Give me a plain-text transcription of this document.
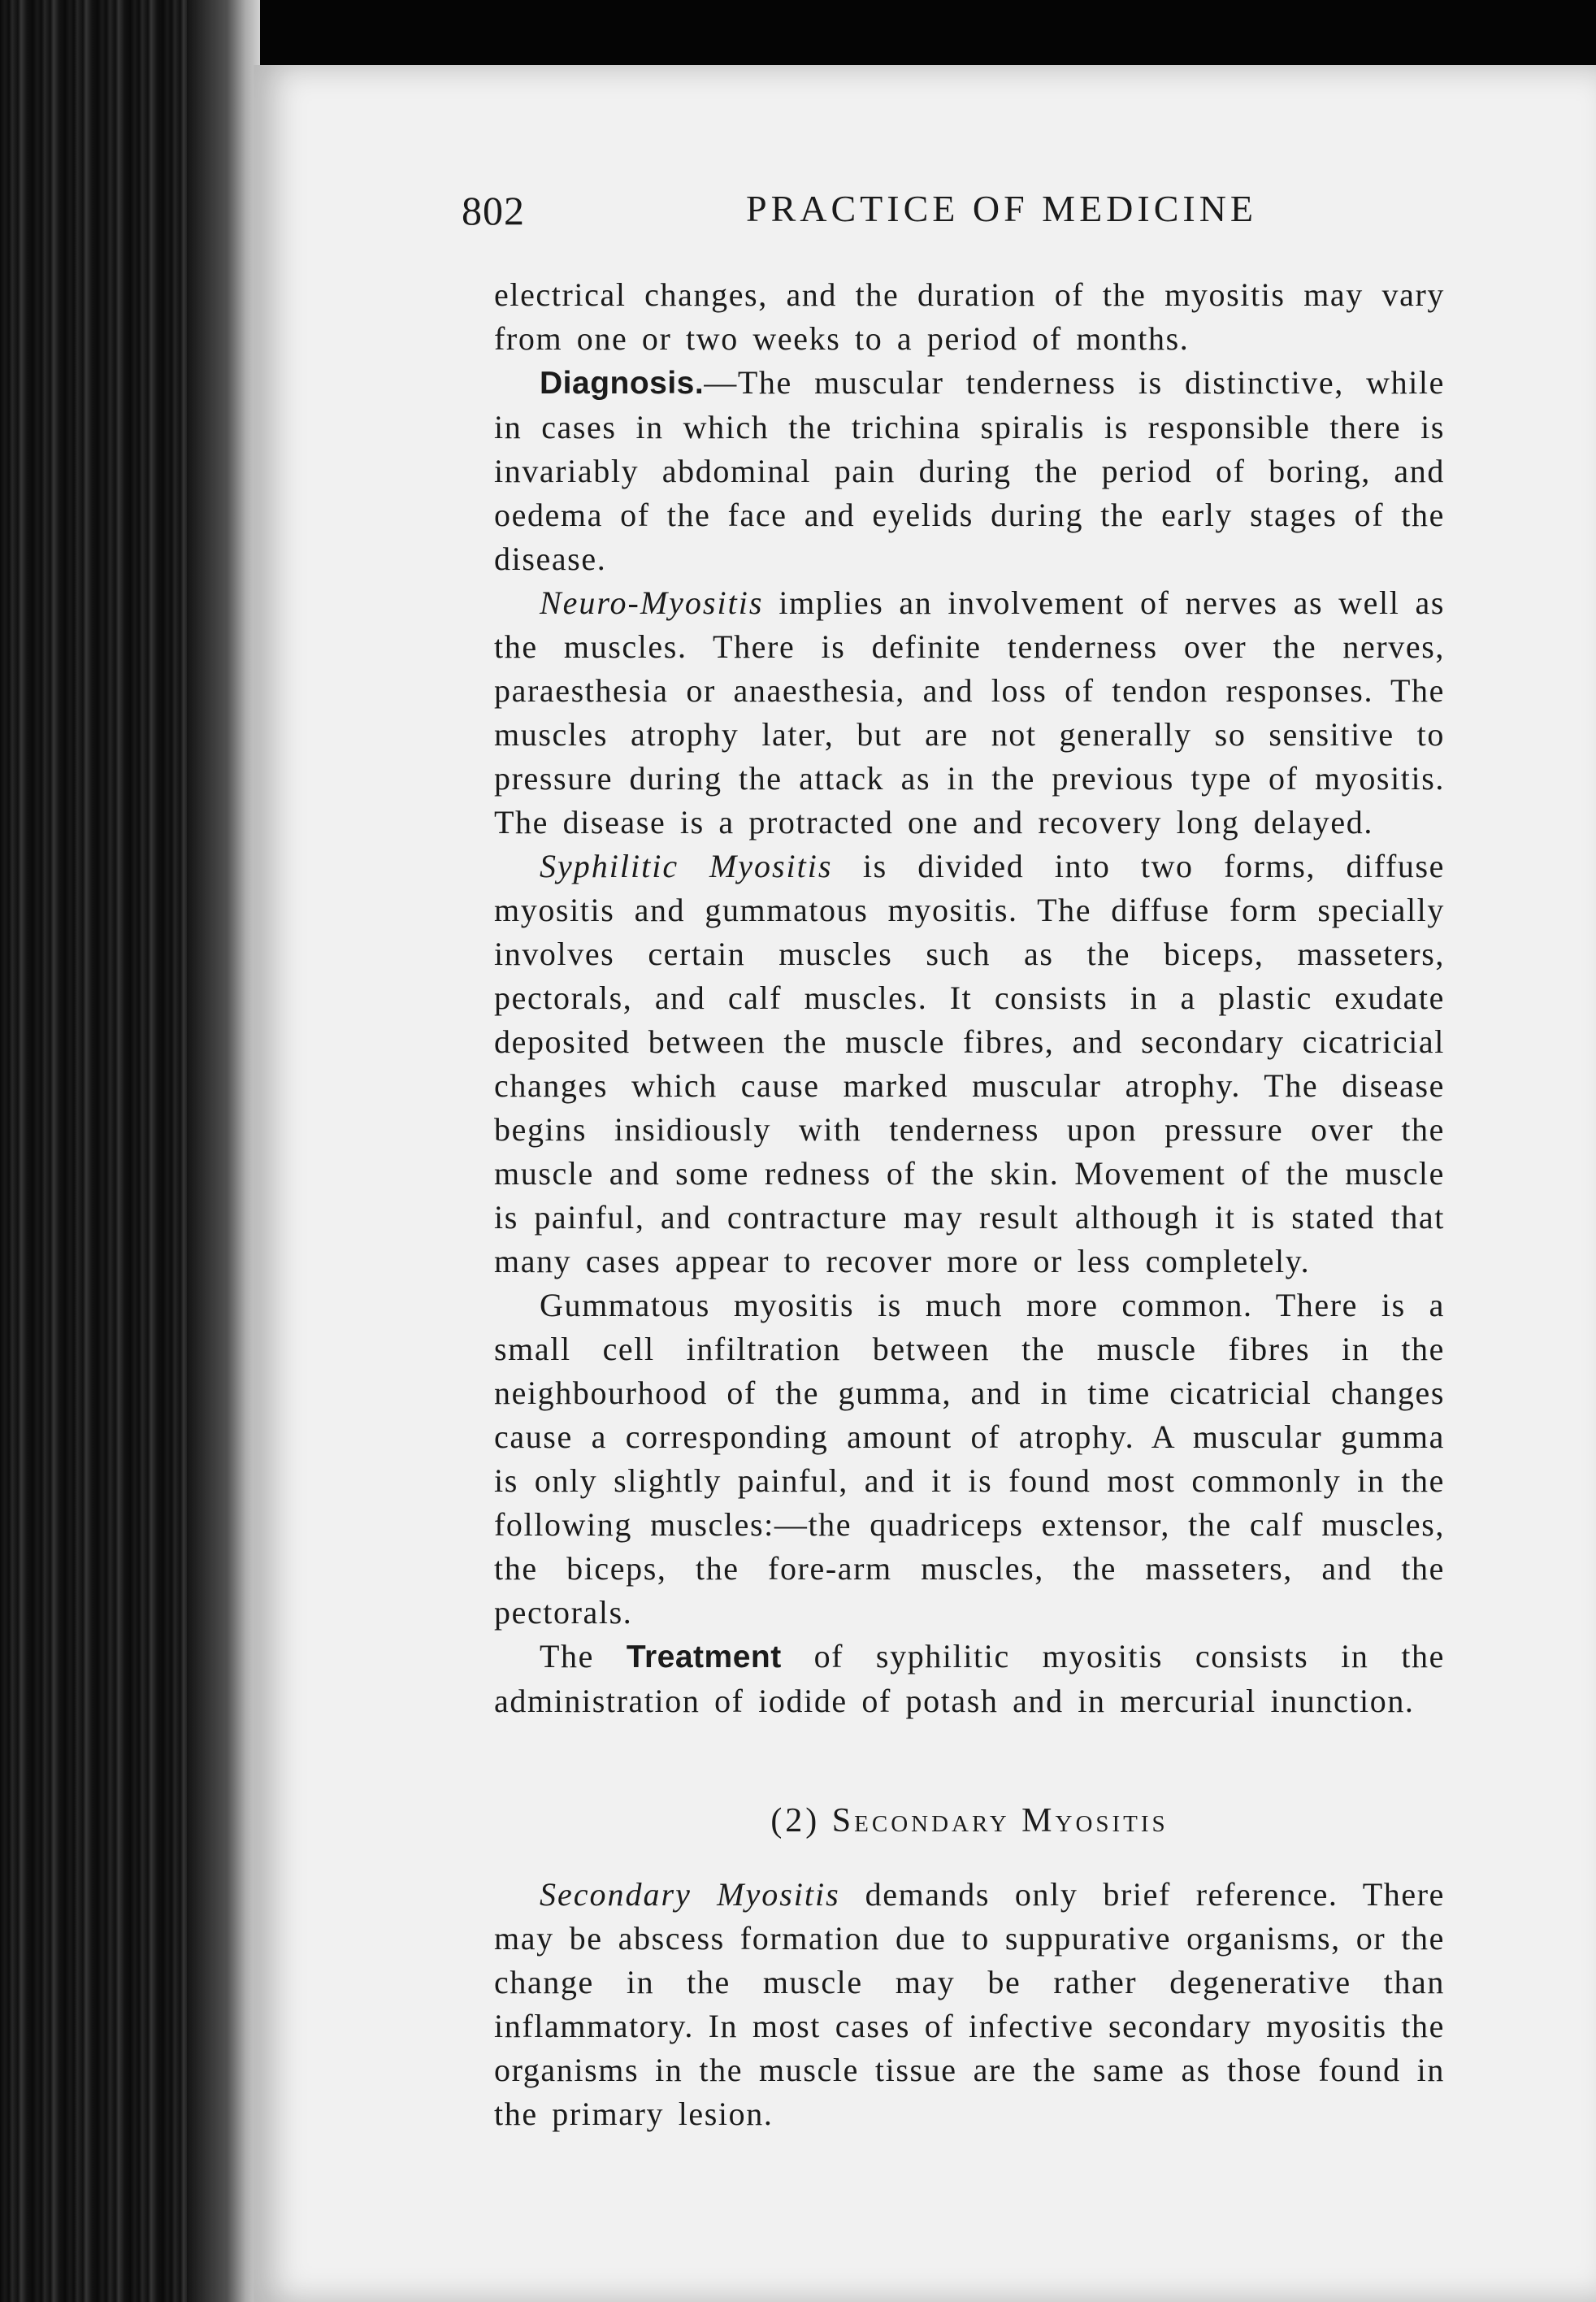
802	PRACTICE OF MEDICINE

electrical changes, and the duration of the myositis may vary from one or two weeks to a period of months.

Diagnosis.—The muscular tenderness is distinctive, while in cases in which the trichina spiralis is responsible there is invariably abdominal pain during the period of boring, and oedema of the face and eyelids during the early stages of the disease.

Neuro-Myositis implies an involvement of nerves as well as the muscles. There is definite tenderness over the nerves, paraesthesia or anaesthesia, and loss of tendon responses. The muscles atrophy later, but are not generally so sensitive to pressure during the attack as in the previous type of myositis. The disease is a protracted one and recovery long delayed.

Syphilitic Myositis is divided into two forms, diffuse myositis and gummatous myositis. The diffuse form specially involves certain muscles such as the biceps, masseters, pectorals, and calf muscles. It consists in a plastic exudate deposited between the muscle fibres, and secondary cicatricial changes which cause marked muscular atrophy. The disease begins insidiously with tenderness upon pressure over the muscle and some redness of the skin. Movement of the muscle is painful, and contracture may result although it is stated that many cases appear to recover more or less completely.

Gummatous myositis is much more common. There is a small cell infiltration between the muscle fibres in the neighbourhood of the gumma, and in time cicatricial changes cause a corresponding amount of atrophy. A muscular gumma is only slightly painful, and it is found most commonly in the following muscles:—the quadriceps extensor, the calf muscles, the biceps, the fore-arm muscles, the masseters, and the pectorals.

The Treatment of syphilitic myositis consists in the administration of iodide of potash and in mercurial inunction.

(2) Secondary Myositis

Secondary Myositis demands only brief reference. There may be abscess formation due to suppurative organisms, or the change in the muscle may be rather degenerative than inflammatory. In most cases of infective secondary myositis the organisms in the muscle tissue are the same as those found in the primary lesion.
